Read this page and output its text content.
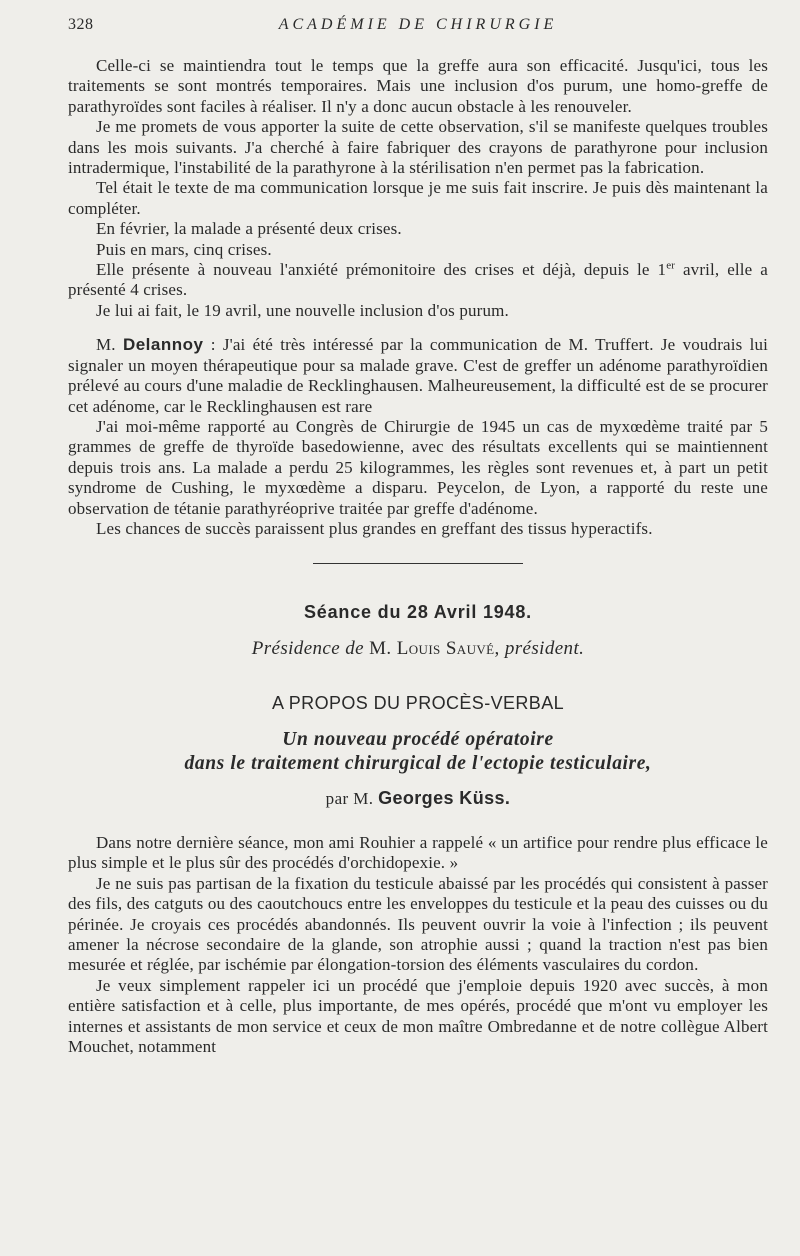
328	ACADÉMIE DE CHIRURGIE

Celle-ci se maintiendra tout le temps que la greffe aura son efficacité. Jusqu'ici, tous les traitements se sont montrés temporaires. Mais une inclusion d'os purum, une homo-greffe de parathyroïdes sont faciles à réaliser. Il n'y a donc aucun obstacle à les renouveler.

Je me promets de vous apporter la suite de cette observation, s'il se manifeste quelques troubles dans les mois suivants. J'a cherché à faire fabriquer des crayons de parathyrone pour inclusion intradermique, l'instabilité de la parathyrone à la stérilisation n'en permet pas la fabrication.

Tel était le texte de ma communication lorsque je me suis fait inscrire. Je puis dès maintenant la compléter.

En février, la malade a présenté deux crises.

Puis en mars, cinq crises.

Elle présente à nouveau l'anxiété prémonitoire des crises et déjà, depuis le 1er avril, elle a présenté 4 crises.

Je lui ai fait, le 19 avril, une nouvelle inclusion d'os purum.

M. Delannoy : J'ai été très intéressé par la communication de M. Truffert. Je voudrais lui signaler un moyen thérapeutique pour sa malade grave. C'est de greffer un adénome parathyroïdien prélevé au cours d'une maladie de Recklinghausen. Malheureusement, la difficulté est de se procurer cet adénome, car le Recklinghausen est rare

J'ai moi-même rapporté au Congrès de Chirurgie de 1945 un cas de myxœdème traité par 5 grammes de greffe de thyroïde basedowienne, avec des résultats excellents qui se maintiennent depuis trois ans. La malade a perdu 25 kilogrammes, les règles sont revenues et, à part un petit syndrome de Cushing, le myxœdème a disparu. Peycelon, de Lyon, a rapporté du reste une observation de tétanie parathyréoprive traitée par greffe d'adénome.

Les chances de succès paraissent plus grandes en greffant des tissus hyperactifs.

Séance du 28 Avril 1948.

Présidence de M. Louis Sauvé, président.

A PROPOS DU PROCÈS-VERBAL

Un nouveau procédé opératoire

dans le traitement chirurgical de l'ectopie testiculaire,

par M. Georges Küss.

Dans notre dernière séance, mon ami Rouhier a rappelé « un artifice pour rendre plus efficace le plus simple et le plus sûr des procédés d'orchidopexie. »

Je ne suis pas partisan de la fixation du testicule abaissé par les procédés qui consistent à passer des fils, des catguts ou des caoutchoucs entre les enveloppes du testicule et la peau des cuisses ou du périnée. Je croyais ces procédés abandonnés. Ils peuvent ouvrir la voie à l'infection ; ils peuvent amener la nécrose secondaire de la glande, son atrophie aussi ; quand la traction n'est pas bien mesurée et réglée, par ischémie par élongation-torsion des éléments vasculaires du cordon.

Je veux simplement rappeler ici un procédé que j'emploie depuis 1920 avec succès, à mon entière satisfaction et à celle, plus importante, de mes opérés, procédé que m'ont vu employer les internes et assistants de mon service et ceux de mon maître Ombredanne et de notre collègue Albert Mouchet, notamment
